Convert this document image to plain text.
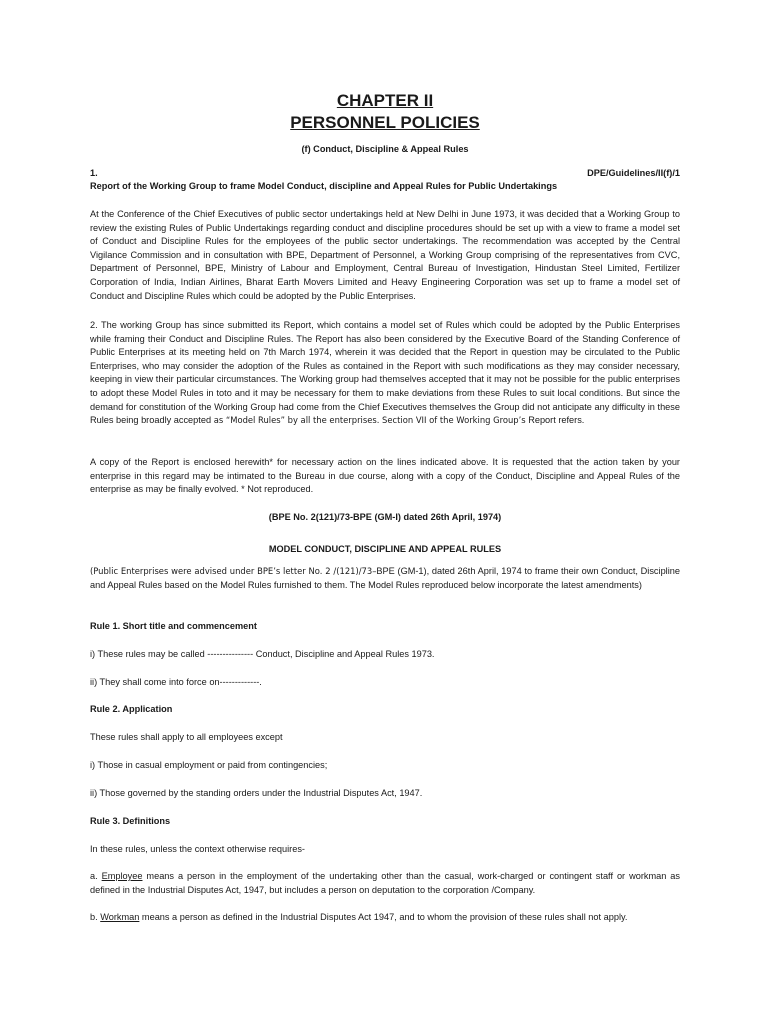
CHAPTER II
PERSONNEL POLICIES

(f) Conduct, Discipline & Appeal Rules

1.	DPE/Guidelines/II(f)/1

Report of the Working Group to frame Model Conduct, discipline and Appeal Rules for Public Undertakings

At the Conference of the Chief Executives of public sector undertakings held at New Delhi in June 1973, it was decided that a Working Group to review the existing Rules of Public Undertakings regarding conduct and discipline procedures should be set up with a view to frame a model set of Conduct and Discipline Rules for the employees of the public sector undertakings. The recommendation was accepted by the Central Vigilance Commission and in consultation with BPE, Department of Personnel, a Working Group comprising of the representatives from CVC, Department of Personnel, BPE, Ministry of Labour and Employment, Central Bureau of Investigation, Hindustan Steel Limited, Fertilizer Corporation of India, Indian Airlines, Bharat Earth Movers Limited and Heavy Engineering Corporation was set up to frame a model set of Conduct and Discipline Rules which could be adopted by the Public Enterprises.

2. The working Group has since submitted its Report, which contains a model set of Rules which could be adopted by the Public Enterprises while framing their Conduct and Discipline Rules. The Report has also been considered by the Executive Board of the Standing Conference of Public Enterprises at its meeting held on 7th March 1974, wherein it was decided that the Report in question may be circulated to the Public Enterprises, who may consider the adoption of the Rules as contained in the Report with such modifications as they may consider necessary, keeping in view their particular circumstances. The Working group had themselves accepted that it may not be possible for the public enterprises to adopt these Model Rules in toto and it may be necessary for them to make deviations from these Rules to suit local conditions. But since the demand for constitution of the Working Group had come from the Chief Executives themselves the Group did not anticipate any difficulty in these Rules being broadly accepted as “Model Rules” by all the enterprises. Section VII of the Working Group’s Report refers.

A copy of the Report is enclosed herewith* for necessary action on the lines indicated above. It is requested that the action taken by your enterprise in this regard may be intimated to the Bureau in due course, along with a copy of the Conduct, Discipline and Appeal Rules of the enterprise as may be finally evolved. * Not reproduced.

(BPE No. 2(121)/73-BPE (GM-I) dated 26th April, 1974)

MODEL CONDUCT, DISCIPLINE AND APPEAL RULES

(Public Enterprises were advised under BPE’s letter No. 2 /(121)/73–BPE (GM-1), dated 26th April, 1974 to frame their own Conduct, Discipline and Appeal Rules based on the Model Rules furnished to them. The Model Rules reproduced below incorporate the latest amendments)

Rule 1. Short title and commencement

i) These rules may be called --------------- Conduct, Discipline and Appeal Rules 1973.

ii) They shall come into force on-------------.

Rule 2. Application

These rules shall apply to all employees except

i) Those in casual employment or paid from contingencies;

ii) Those governed by the standing orders under the Industrial Disputes Act, 1947.

Rule 3. Definitions

In these rules, unless the context otherwise requires-

a. Employee means a person in the employment of the undertaking other than the casual, work-charged or contingent staff or workman as defined in the Industrial Disputes Act, 1947, but includes a person on deputation to the corporation /Company.

b. Workman means a person as defined in the Industrial Disputes Act 1947, and to whom the provision of these rules shall not apply.
